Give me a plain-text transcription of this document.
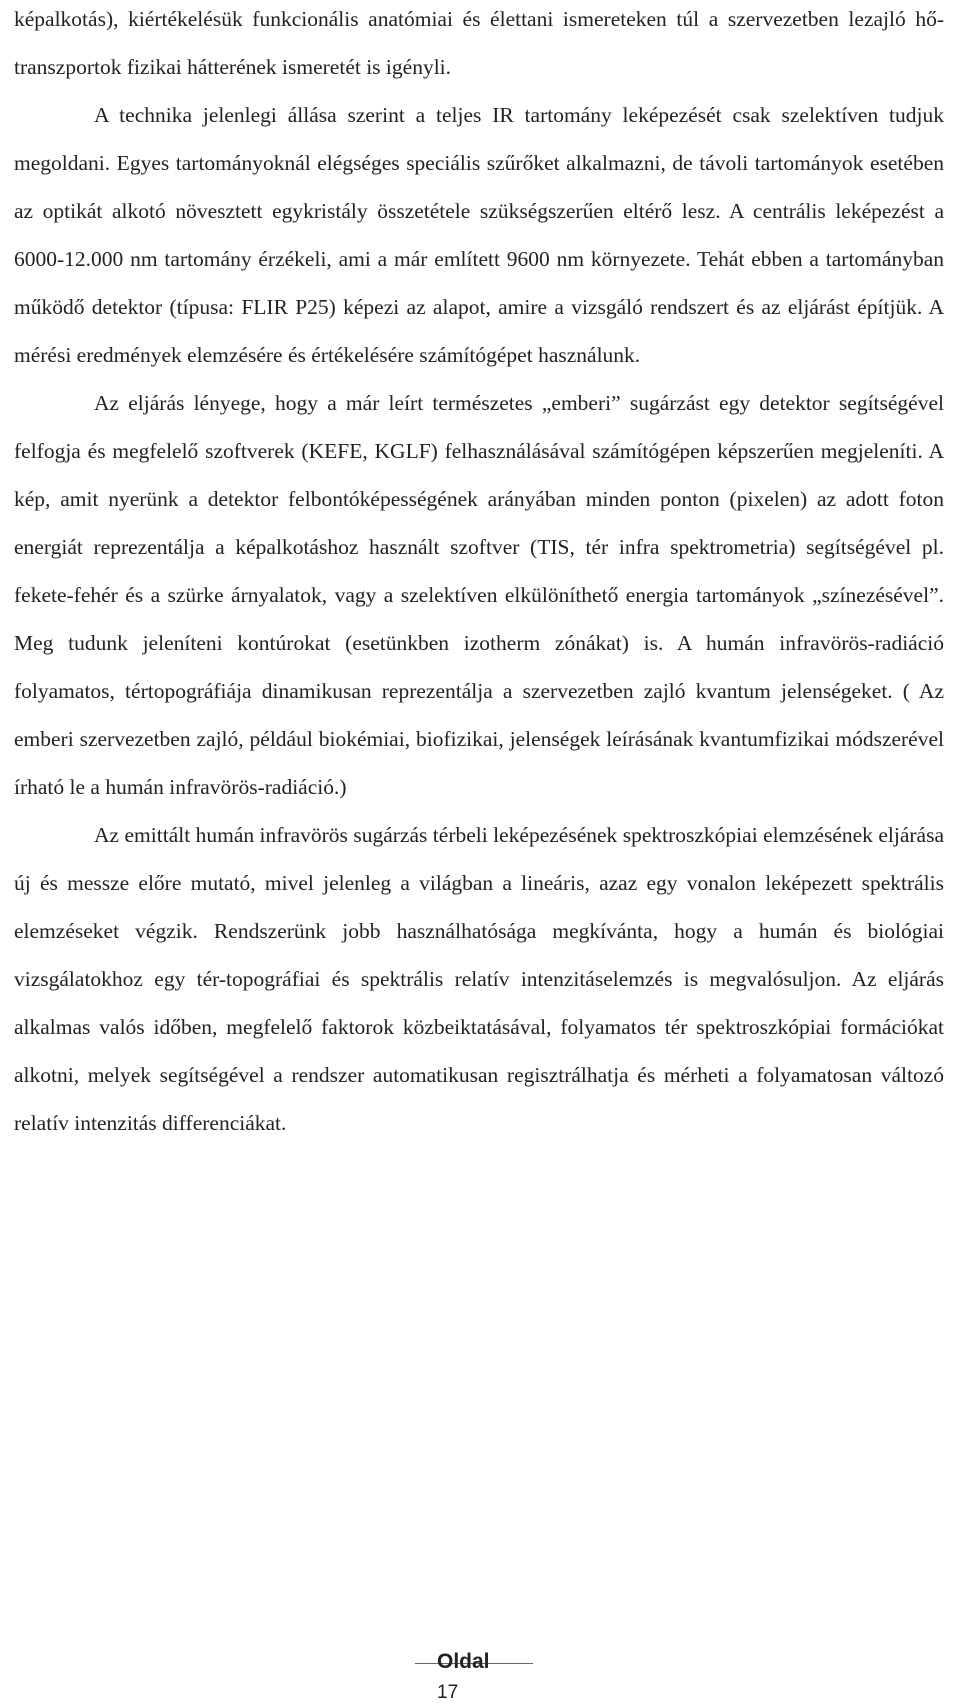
képalkotás), kiértékelésük funkcionális anatómiai és élettani ismereteken túl a szervezetben lezajló hő-transzportok fizikai hátterének ismeretét is igényli.

A technika jelenlegi állása szerint a teljes IR tartomány leképezését csak szelektíven tudjuk megoldani. Egyes tartományoknál elégséges speciális szűrőket alkalmazni, de távoli tartományok esetében az optikát alkotó növesztett egykristály összetétele szükségszerűen eltérő lesz. A centrális leképezést a 6000-12.000 nm tartomány érzékeli, ami a már említett 9600 nm környezete. Tehát ebben a tartományban működő detektor (típusa: FLIR P25) képezi az alapot, amire a vizsgáló rendszert és az eljárást építjük. A mérési eredmények elemzésére és értékelésére számítógépet használunk.

Az eljárás lényege, hogy a már leírt természetes „emberi” sugárzást egy detektor segítségével felfogja és megfelelő szoftverek (KEFE, KGLF) felhasználásával számítógépen képszerűen megjeleníti. A kép, amit nyerünk a detektor felbontóképességének arányában minden ponton (pixelen) az adott foton energiát reprezentálja a képalkotáshoz használt szoftver (TIS, tér infra spektrometria) segítségével pl. fekete-fehér és a szürke árnyalatok, vagy a szelektíven elkülöníthető energia tartományok „színezésével”. Meg tudunk jeleníteni kontúrokat (esetünkben izotherm zónákat) is. A humán infravörös-radiáció folyamatos, tértopográfiája dinamikusan reprezentálja a szervezetben zajló kvantum jelenségeket. ( Az emberi szervezetben zajló, például biokémiai, biofizikai, jelenségek leírásának kvantumfizikai módszerével írható le a humán infravörös-radiáció.)

Az emittált humán infravörös sugárzás térbeli leképezésének spektroszkópiai elemzésének eljárása új és messze előre mutató, mivel jelenleg a világban a lineáris, azaz egy vonalon leképezett spektrális elemzéseket végzik. Rendszerünk jobb használhatósága megkívánta, hogy a humán és biológiai vizsgálatokhoz egy tér-topográfiai és spektrális relatív intenzitáselemzés is megvalósuljon. Az eljárás alkalmas valós időben, megfelelő faktorok közbeiktatásával, folyamatos tér spektroszkópiai formációkat alkotni, melyek segítségével a rendszer automatikusan regisztrálhatja és mérheti a folyamatosan változó relatív intenzitás differenciákat.

Oldal
17
